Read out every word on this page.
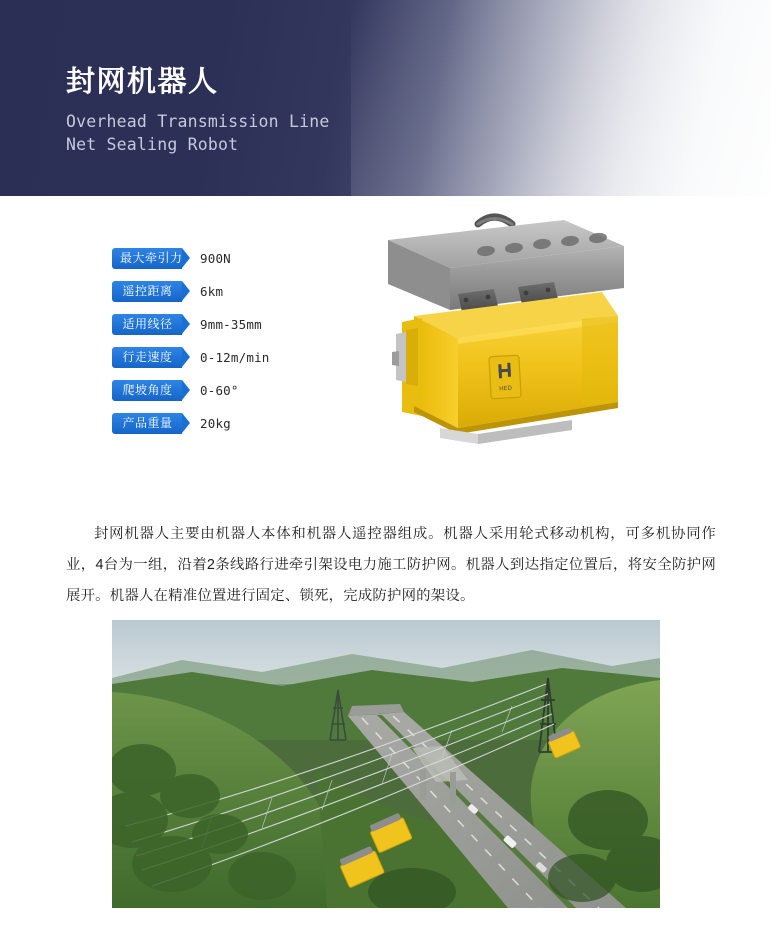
封网机器人

Overhead Transmission Line

Net Sealing Robot

最大牵引力 900N
遥控距离	6km
适用线径	9mm-35mm
行走速度	0-12m/min
爬坡角度	0-60°
产品重量	20kg
HED

封网机器人主要由机器人本体和机器人遥控器组成。机器人采用轮式移动机构，可多机协同作业，4台为一组，沿着2条线路行进牵引架设电力施工防护网。机器人到达指定位置后，将安全防护网展开。机器人在精准位置进行固定、锁死，完成防护网的架设。
